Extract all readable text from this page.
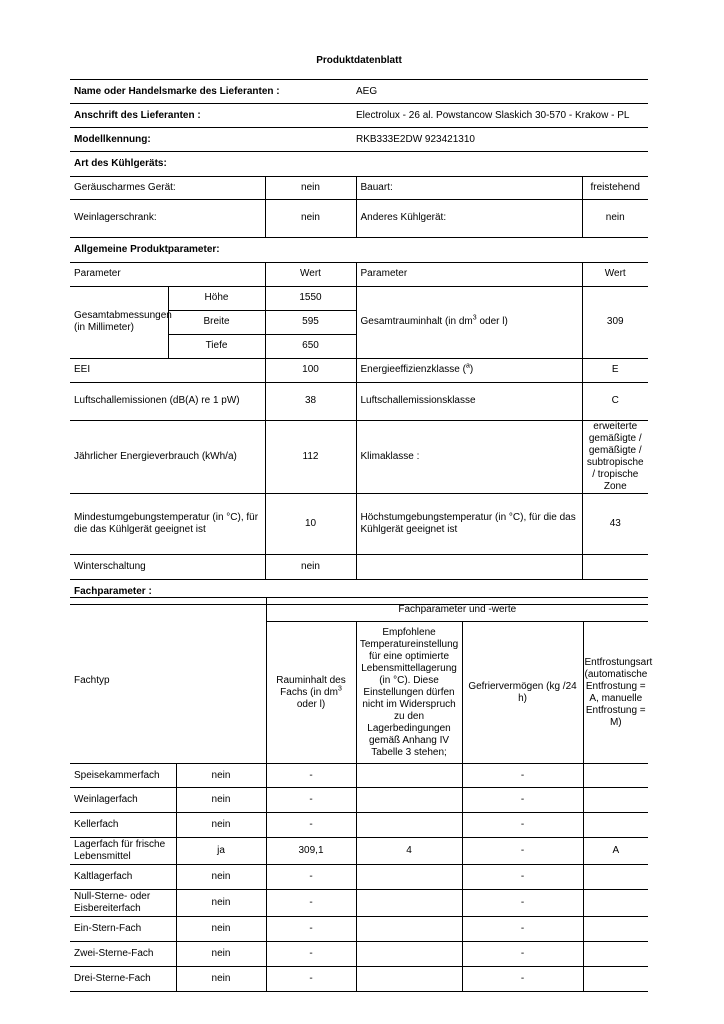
Produktdatenblatt
Name oder Handelsmarke des Lieferanten :	AEG
Anschrift des Lieferanten :	Electrolux - 26 al. Powstancow Slaskich 30-570 - Krakow - PL
Modellkennung:	RKB333E2DW 923421310
Art des Kühlgeräts:				
Geräuscharmes Gerät:		nein	Bauart:	freistehend
Weinlagerschrank:		nein	Anderes Kühlgerät:	nein
Allgemeine Produktparameter:				
Parameter		Wert	Parameter	Wert
Gesamtabmessungen (in Millimeter)	Höhe	1550	Gesamtrauminhalt (in $dm^3$ oder l)	309
	Breite	595		
	Tiefe	650		
EEI		100	Energieeffizienzklasse ($^a$)	E
Luftschallemissionen (dB(A) re 1 pW)		38	Luftschallemissionsklasse	C
Jährlicher Energieverbrauch (kWh/a)		112	Klimaklasse :	erweiterte gemäßigte / gemäßigte / subtropische / tropische Zone
Mindestumgebungstemperatur (in °C), für die das Kühlgerät geeignet ist		10	Höchstumgebungstemperatur (in °C), für die das Kühlgerät geeignet ist	43
Winterschaltung		nein		
Fachparameter :				
Fachtyp		Fachparameter und -werte			
		Rauminhalt des Fachs (in $dm^3$ oder l)	Empfohlene Temperatureinstellung für eine optimierte Lebensmittellagerung (in °C). Diese Einstellungen dürfen nicht im Widerspruch zu den Lagerbedingungen gemäß Anhang IV Tabelle 3 stehen;	Gefriervermögen (kg /24 h)	Entfrostungsart (automatische Entfrostung = A, manuelle Entfrostung = M)
Speisekammerfach	nein	-		-	
Weinlagerfach	nein	-		-	
Kellerfach	nein	-		-	
Lagerfach für frische Lebensmittel	ja	309,1	4	-	A
Kaltlagerfach	nein	-		-	
Null-Sterne- oder Eisbereiterfach	nein	-		-	
Ein-Stern-Fach	nein	-		-	
Zwei-Sterne-Fach	nein	-		-	
Drei-Sterne-Fach	nein	-		-	
